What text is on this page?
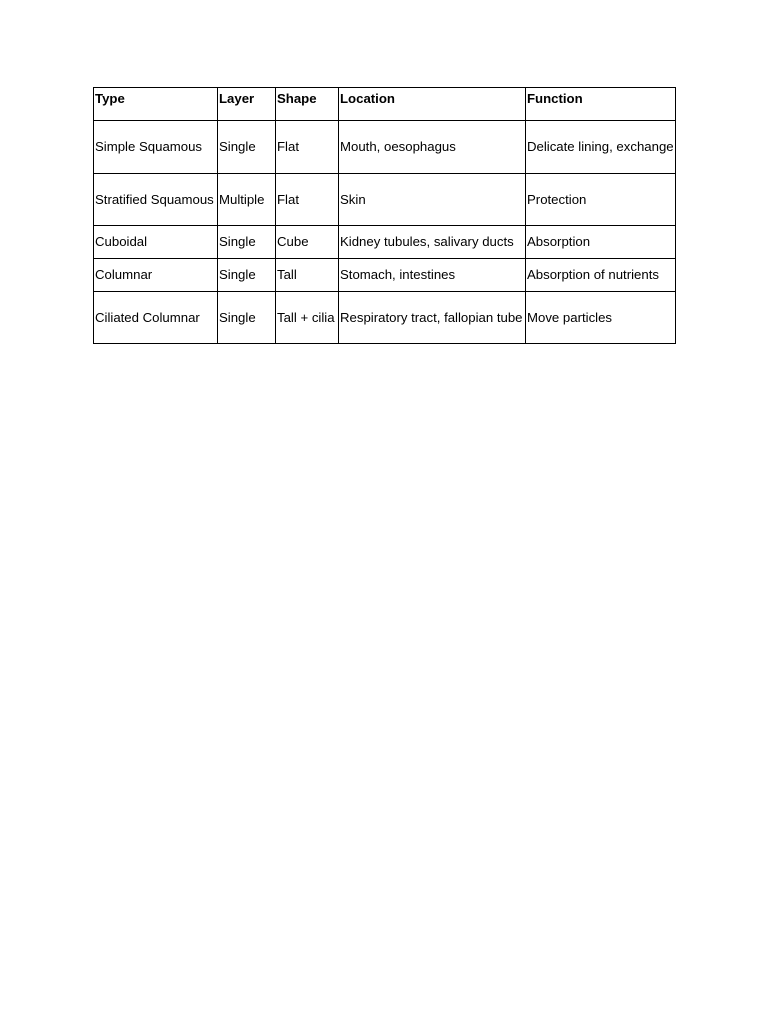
Type	Layer	Shape	Location	Function
Simple Squamous	Single	Flat	Mouth, oesophagus	Delicate lining, exchange
Stratified Squamous	Multiple	Flat	Skin	Protection
Cuboidal	Single	Cube	Kidney tubules, salivary ducts	Absorption
Columnar	Single	Tall	Stomach, intestines	Absorption of nutrients
Ciliated Columnar	Single	Tall + cilia	Respiratory tract, fallopian tube	Move particles
